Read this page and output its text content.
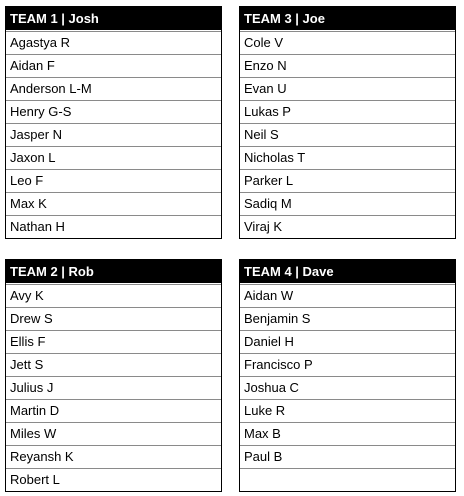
TEAM 1 | Josh
Agastya R
Aidan F
Anderson L-M
Henry G-S
Jasper N
Jaxon L
Leo F
Max K
Nathan H
TEAM 3 | Joe
Cole V
Enzo N
Evan U
Lukas P
Neil S
Nicholas T
Parker L
Sadiq M
Viraj K
TEAM 2 | Rob
Avy K
Drew S
Ellis F
Jett S
Julius J
Martin D
Miles W
Reyansh K
Robert L
TEAM 4 | Dave
Aidan W
Benjamin S
Daniel H
Francisco P
Joshua C
Luke R
Max B
Paul B
